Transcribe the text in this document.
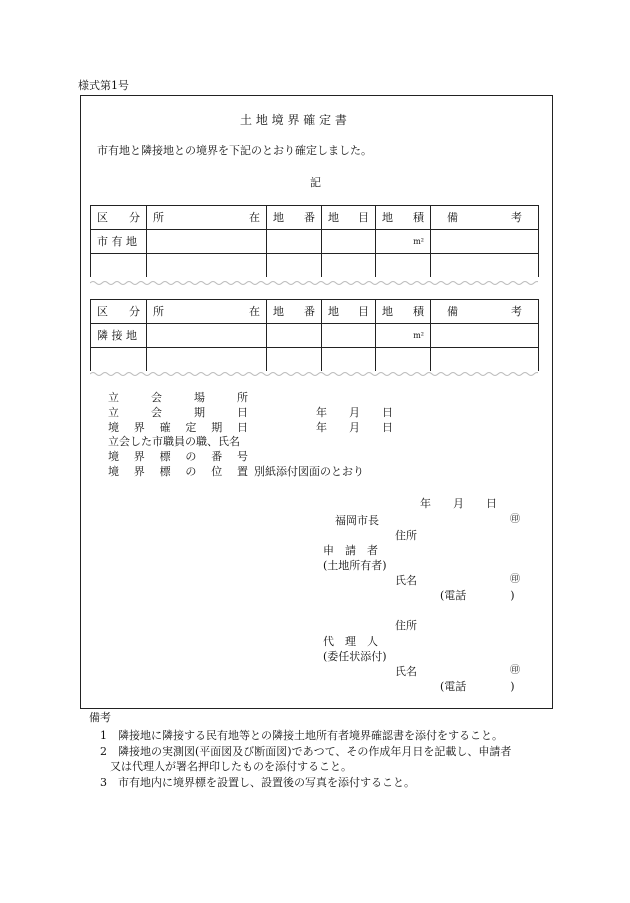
様式第1号
土 地 境 界 確 定 書
市有地と隣接地との境界を下記のとおり確定しました。
記
区 分	所 在	地 番	地 目	地 積	備 考

市 有 地				m²	

区 分	所 在	地 番	地 目	地 積	備 考

隣 接 地				m²	

立	会	場	所
立	会	期	日	年　　月　　日
境 界 確 定 期 日	年　　月　　日
立会した市職員の職、氏名
境 界 標 の 番 号
境 界 標 の 位 置 別紙添付図面のとおり
年　　月　　日
福岡市長	㊞
住所
申　請　者
(土地所有者)
氏名	㊞
(電話　　　　)
住所
代　理　人
(委任状添付)
氏名	㊞
(電話　　　　)
備考
1 隣接地に隣接する民有地等との隣接土地所有者境界確認書を添付をすること。
2 隣接地の実測図(平面図及び断面図)であつて、その作成年月日を記載し、申請者
又は代理人が署名押印したものを添付すること。
3 市有地内に境界標を設置し、設置後の写真を添付すること。
